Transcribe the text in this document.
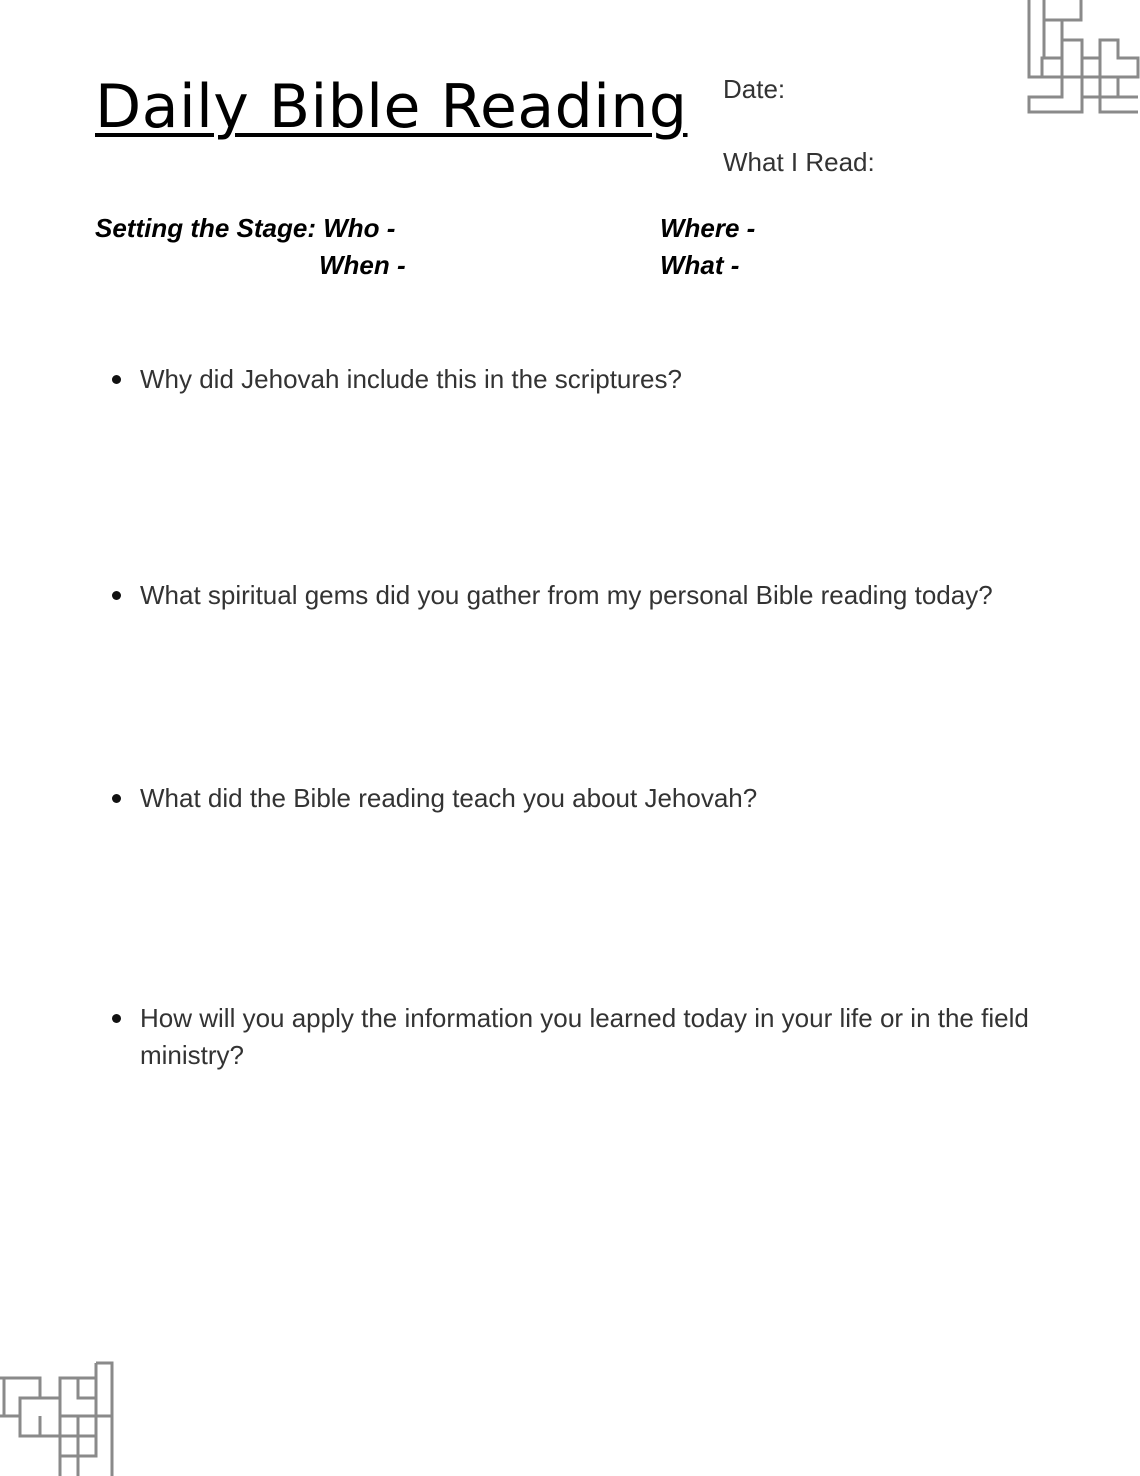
Daily Bible Reading Date:
What I Read:
Setting the Stage: Who -
When -
Where -
What -
Why did Jehovah include this in the scriptures?
What spiritual gems did you gather from my personal Bible reading today?
What did the Bible reading teach you about Jehovah?
How will you apply the information you learned today in your life or in the field ministry?
